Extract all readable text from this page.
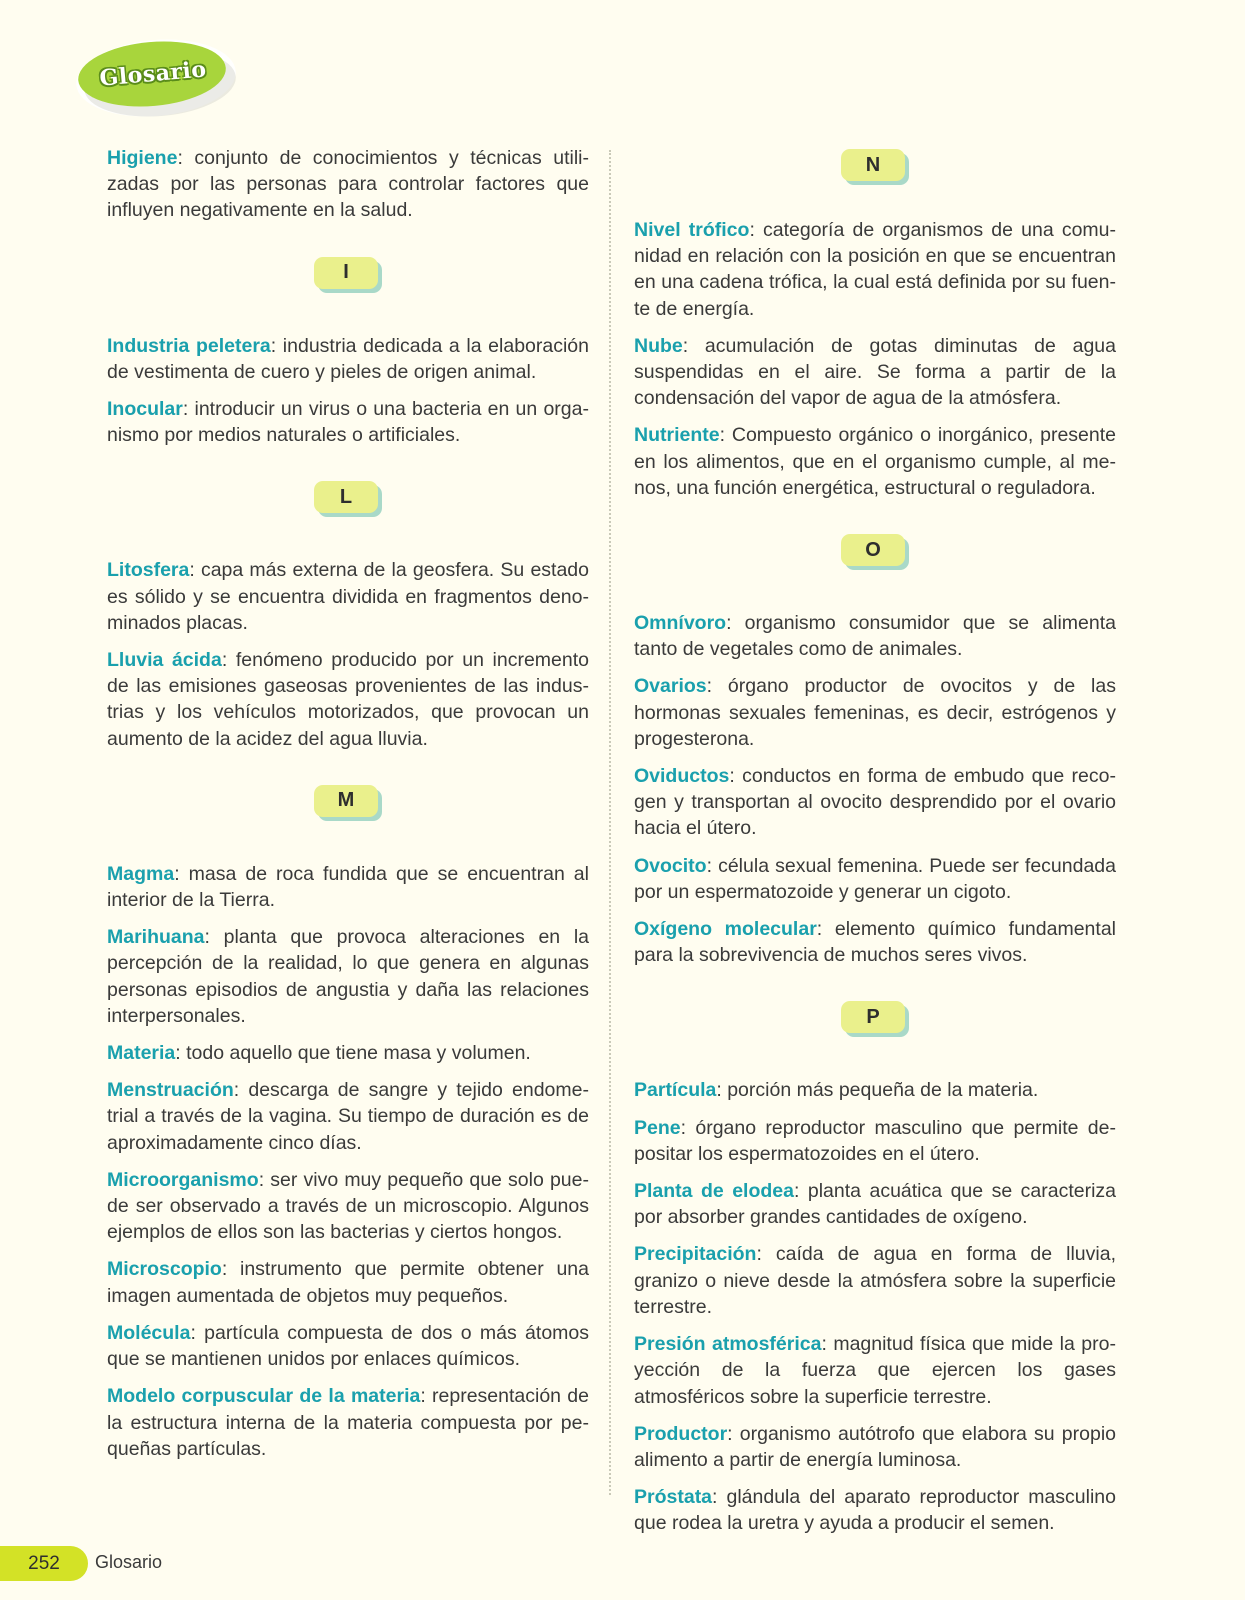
Glosario

Higiene: conjunto de conocimientos y técnicas utilizadas por las personas para controlar factores que influyen negativamente en la salud.

I

Industria peletera: industria dedicada a la elaboración de vestimenta de cuero y pieles de origen animal.

Inocular: introducir un virus o una bacteria en un organismo por medios naturales o artificiales.

L

Litosfera: capa más externa de la geosfera. Su estado es sólido y se encuentra dividida en fragmentos denominados placas.

Lluvia ácida: fenómeno producido por un incremento de las emisiones gaseosas provenientes de las industrias y los vehículos motorizados, que provocan un aumento de la acidez del agua lluvia.

M

Magma: masa de roca fundida que se encuentran al interior de la Tierra.

Marihuana: planta que provoca alteraciones en la percepción de la realidad, lo que genera en algunas personas episodios de angustia y daña las relaciones interpersonales.

Materia: todo aquello que tiene masa y volumen.

Menstruación: descarga de sangre y tejido endometrial a través de la vagina. Su tiempo de duración es de aproximadamente cinco días.

Microorganismo: ser vivo muy pequeño que solo puede ser observado a través de un microscopio. Algunos ejemplos de ellos son las bacterias y ciertos hongos.

Microscopio: instrumento que permite obtener una imagen aumentada de objetos muy pequeños.

Molécula: partícula compuesta de dos o más átomos que se mantienen unidos por enlaces químicos.

Modelo corpuscular de la materia: representación de la estructura interna de la materia compuesta por pequeñas partículas.

N

Nivel trófico: categoría de organismos de una comunidad en relación con la posición en que se encuentran en una cadena trófica, la cual está definida por su fuente de energía.

Nube: acumulación de gotas diminutas de agua suspendidas en el aire. Se forma a partir de la condensación del vapor de agua de la atmósfera.

Nutriente: Compuesto orgánico o inorgánico, presente en los alimentos, que en el organismo cumple, al menos, una función energética, estructural o reguladora.

O

Omnívoro: organismo consumidor que se alimenta tanto de vegetales como de animales.

Ovarios: órgano productor de ovocitos y de las hormonas sexuales femeninas, es decir, estrógenos y progesterona.

Oviductos: conductos en forma de embudo que recogen y transportan al ovocito desprendido por el ovario hacia el útero.

Ovocito: célula sexual femenina. Puede ser fecundada por un espermatozoide y generar un cigoto.

Oxígeno molecular: elemento químico fundamental para la sobrevivencia de muchos seres vivos.

P

Partícula: porción más pequeña de la materia.

Pene: órgano reproductor masculino que permite depositar los espermatozoides en el útero.

Planta de elodea: planta acuática que se caracteriza por absorber grandes cantidades de oxígeno.

Precipitación: caída de agua en forma de lluvia, granizo o nieve desde la atmósfera sobre la superficie terrestre.

Presión atmosférica: magnitud física que mide la proyección de la fuerza que ejercen los gases atmosféricos sobre la superficie terrestre.

Productor: organismo autótrofo que elabora su propio alimento a partir de energía luminosa.

Próstata: glándula del aparato reproductor masculino que rodea la uretra y ayuda a producir el semen.

252 Glosario
